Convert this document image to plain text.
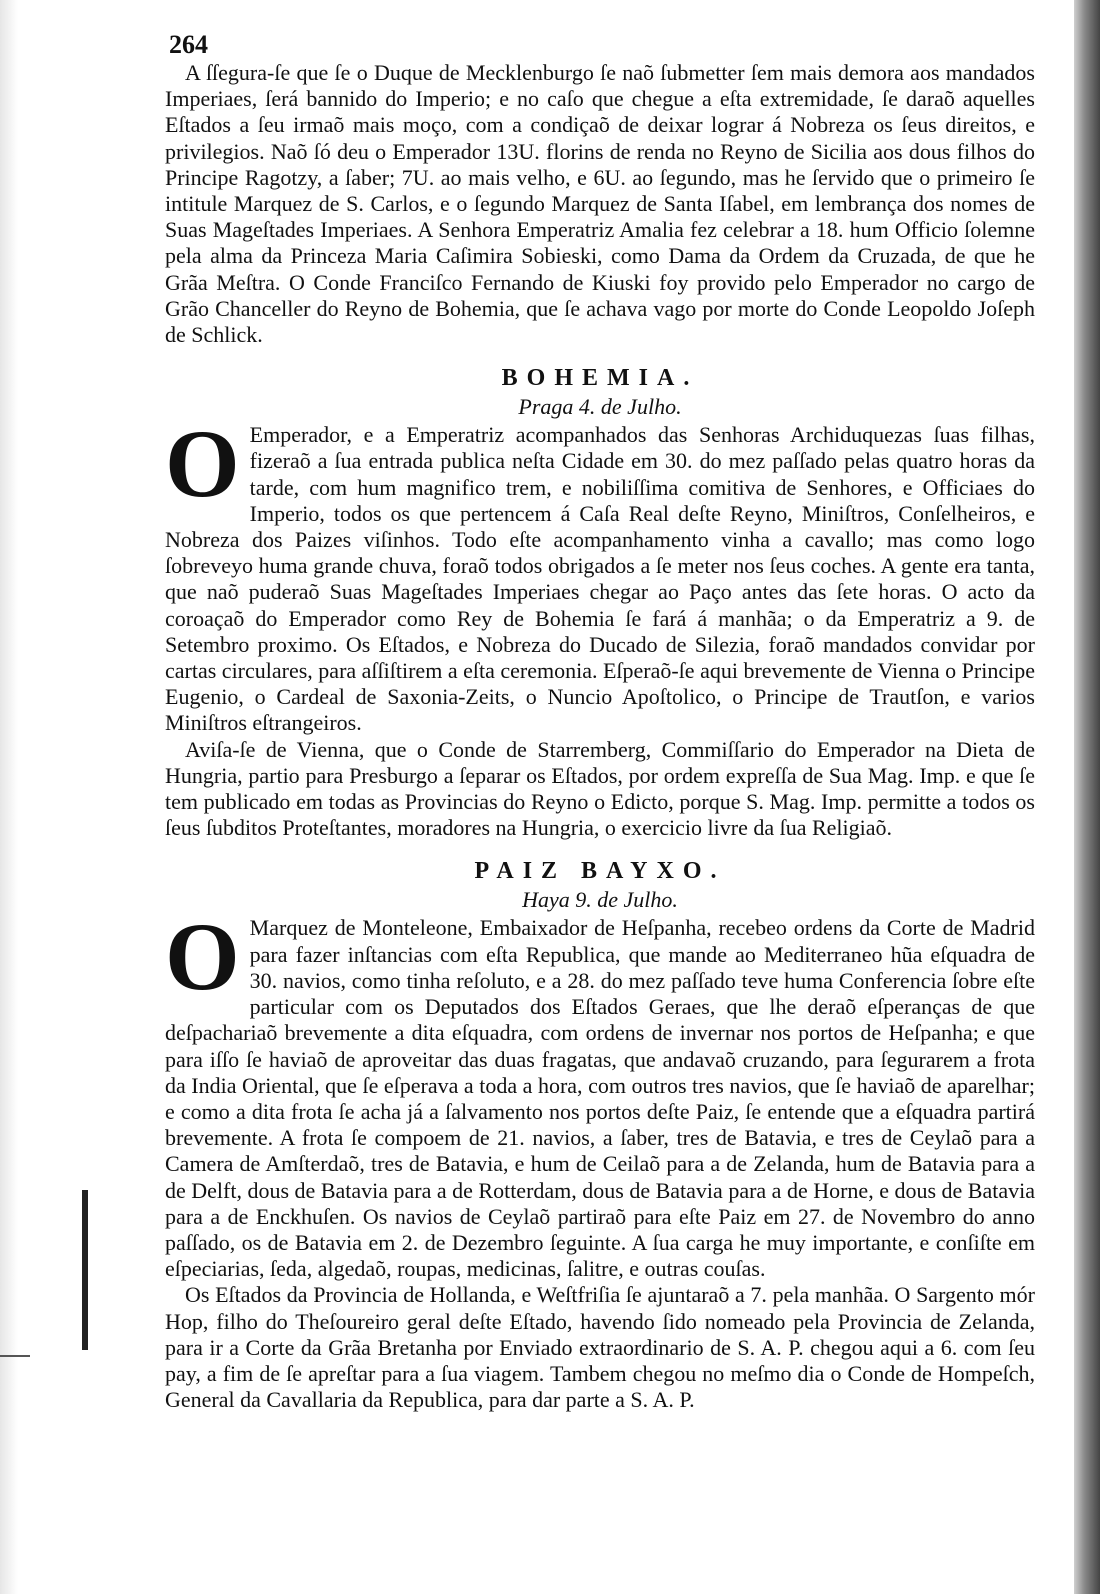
264

A ſſegura-ſe que ſe o Duque de Mecklenburgo ſe naõ ſubmetter ſem mais demora aos mandados Imperiaes, ſerá bannido do Imperio; e no caſo que chegue a eſta extremidade, ſe daraõ aquelles Eſtados a ſeu irmaõ mais moço, com a condiçaõ de deixar lograr á Nobreza os ſeus direitos, e privilegios. Naõ ſó deu o Emperador 13U. florins de renda no Reyno de Sicilia aos dous filhos do Principe Ragotzy, a ſaber; 7U. ao mais velho, e 6U. ao ſegundo, mas he ſervido que o primeiro ſe intitule Marquez de S. Carlos, e o ſegundo Marquez de Santa Iſabel, em lembrança dos nomes de Suas Mageſtades Imperiaes. A Senhora Emperatriz Amalia fez celebrar a 18. hum Officio ſolemne pela alma da Princeza Maria Caſimira Sobieski, como Dama da Ordem da Cruzada, de que he Grãa Meſtra. O Conde Franciſco Fernando de Kiuski foy provido pelo Emperador no cargo de Grão Chanceller do Reyno de Bohemia, que ſe achava vago por morte do Conde Leopoldo Joſeph de Schlick.

BOHEMIA.
Praga 4. de Julho.

O Emperador, e a Emperatriz acompanhados das Senhoras Archiduquezas ſuas filhas, fizeraõ a ſua entrada publica neſta Cidade em 30. do mez paſſado pelas quatro horas da tarde, com hum magnifico trem, e nobiliſſima comitiva de Senhores, e Officiaes do Imperio, todos os que pertencem á Caſa Real deſte Reyno, Miniſtros, Conſelheiros, e Nobreza dos Paizes viſinhos. Todo eſte acompanhamento vinha a cavallo; mas como logo ſobreveyo huma grande chuva, foraõ todos obrigados a ſe meter nos ſeus coches. A gente era tanta, que naõ puderaõ Suas Mageſtades Imperiaes chegar ao Paço antes das ſete horas. O acto da coroaçaõ do Emperador como Rey de Bohemia ſe fará á manhãa; o da Emperatriz a 9. de Setembro proximo. Os Eſtados, e Nobreza do Ducado de Silezia, foraõ mandados convidar por cartas circulares, para aſſiſtirem a eſta ceremonia. Eſperaõ-ſe aqui brevemente de Vienna o Principe Eugenio, o Cardeal de Saxonia-Zeits, o Nuncio Apoſtolico, o Principe de Trautſon, e varios Miniſtros eſtrangeiros.

Aviſa-ſe de Vienna, que o Conde de Starremberg, Commiſſario do Emperador na Dieta de Hungria, partio para Presburgo a ſeparar os Eſtados, por ordem expreſſa de Sua Mag. Imp. e que ſe tem publicado em todas as Provincias do Reyno o Edicto, porque S. Mag. Imp. permitte a todos os ſeus ſubditos Proteſtantes, moradores na Hungria, o exercicio livre da ſua Religiaõ.

PAIZ BAYXO.
Haya 9. de Julho.

O Marquez de Monteleone, Embaixador de Heſpanha, recebeo ordens da Corte de Madrid para fazer inſtancias com eſta Republica, que mande ao Mediterraneo hũa eſquadra de 30. navios, como tinha reſoluto, e a 28. do mez paſſado teve huma Conferencia ſobre eſte particular com os Deputados dos Eſtados Geraes, que lhe deraõ eſperanças de que deſpachariaõ brevemente a dita eſquadra, com ordens de invernar nos portos de Heſpanha; e que para iſſo ſe haviaõ de aproveitar das duas fragatas, que andavaõ cruzando, para ſegurarem a frota da India Oriental, que ſe eſperava a toda a hora, com outros tres navios, que ſe haviaõ de aparelhar; e como a dita frota ſe acha já a ſalvamento nos portos deſte Paiz, ſe entende que a eſquadra partirá brevemente. A frota ſe compoem de 21. navios, a ſaber, tres de Batavia, e tres de Ceylaõ para a Camera de Amſterdaõ, tres de Batavia, e hum de Ceilaõ para a de Zelanda, hum de Batavia para a de Delft, dous de Batavia para a de Rotterdam, dous de Batavia para a de Horne, e dous de Batavia para a de Enckhuſen. Os navios de Ceylaõ partiraõ para eſte Paiz em 27. de Novembro do anno paſſado, os de Batavia em 2. de Dezembro ſeguinte. A ſua carga he muy importante, e conſiſte em eſpeciarias, ſeda, algedaõ, roupas, medicinas, ſalitre, e outras couſas.

Os Eſtados da Provincia de Hollanda, e Weſtfriſia ſe ajuntaraõ a 7. pela manhãa. O Sargento mór Hop, filho do Theſoureiro geral deſte Eſtado, havendo ſido nomeado pela Provincia de Zelanda, para ir a Corte da Grãa Bretanha por Enviado extraordinario de S. A. P. chegou aqui a 6. com ſeu pay, a fim de ſe apreſtar para a ſua viagem. Tambem chegou no meſmo dia o Conde de Hompeſch, General da Cavallaria da Republica, para dar parte a S. A. P.
